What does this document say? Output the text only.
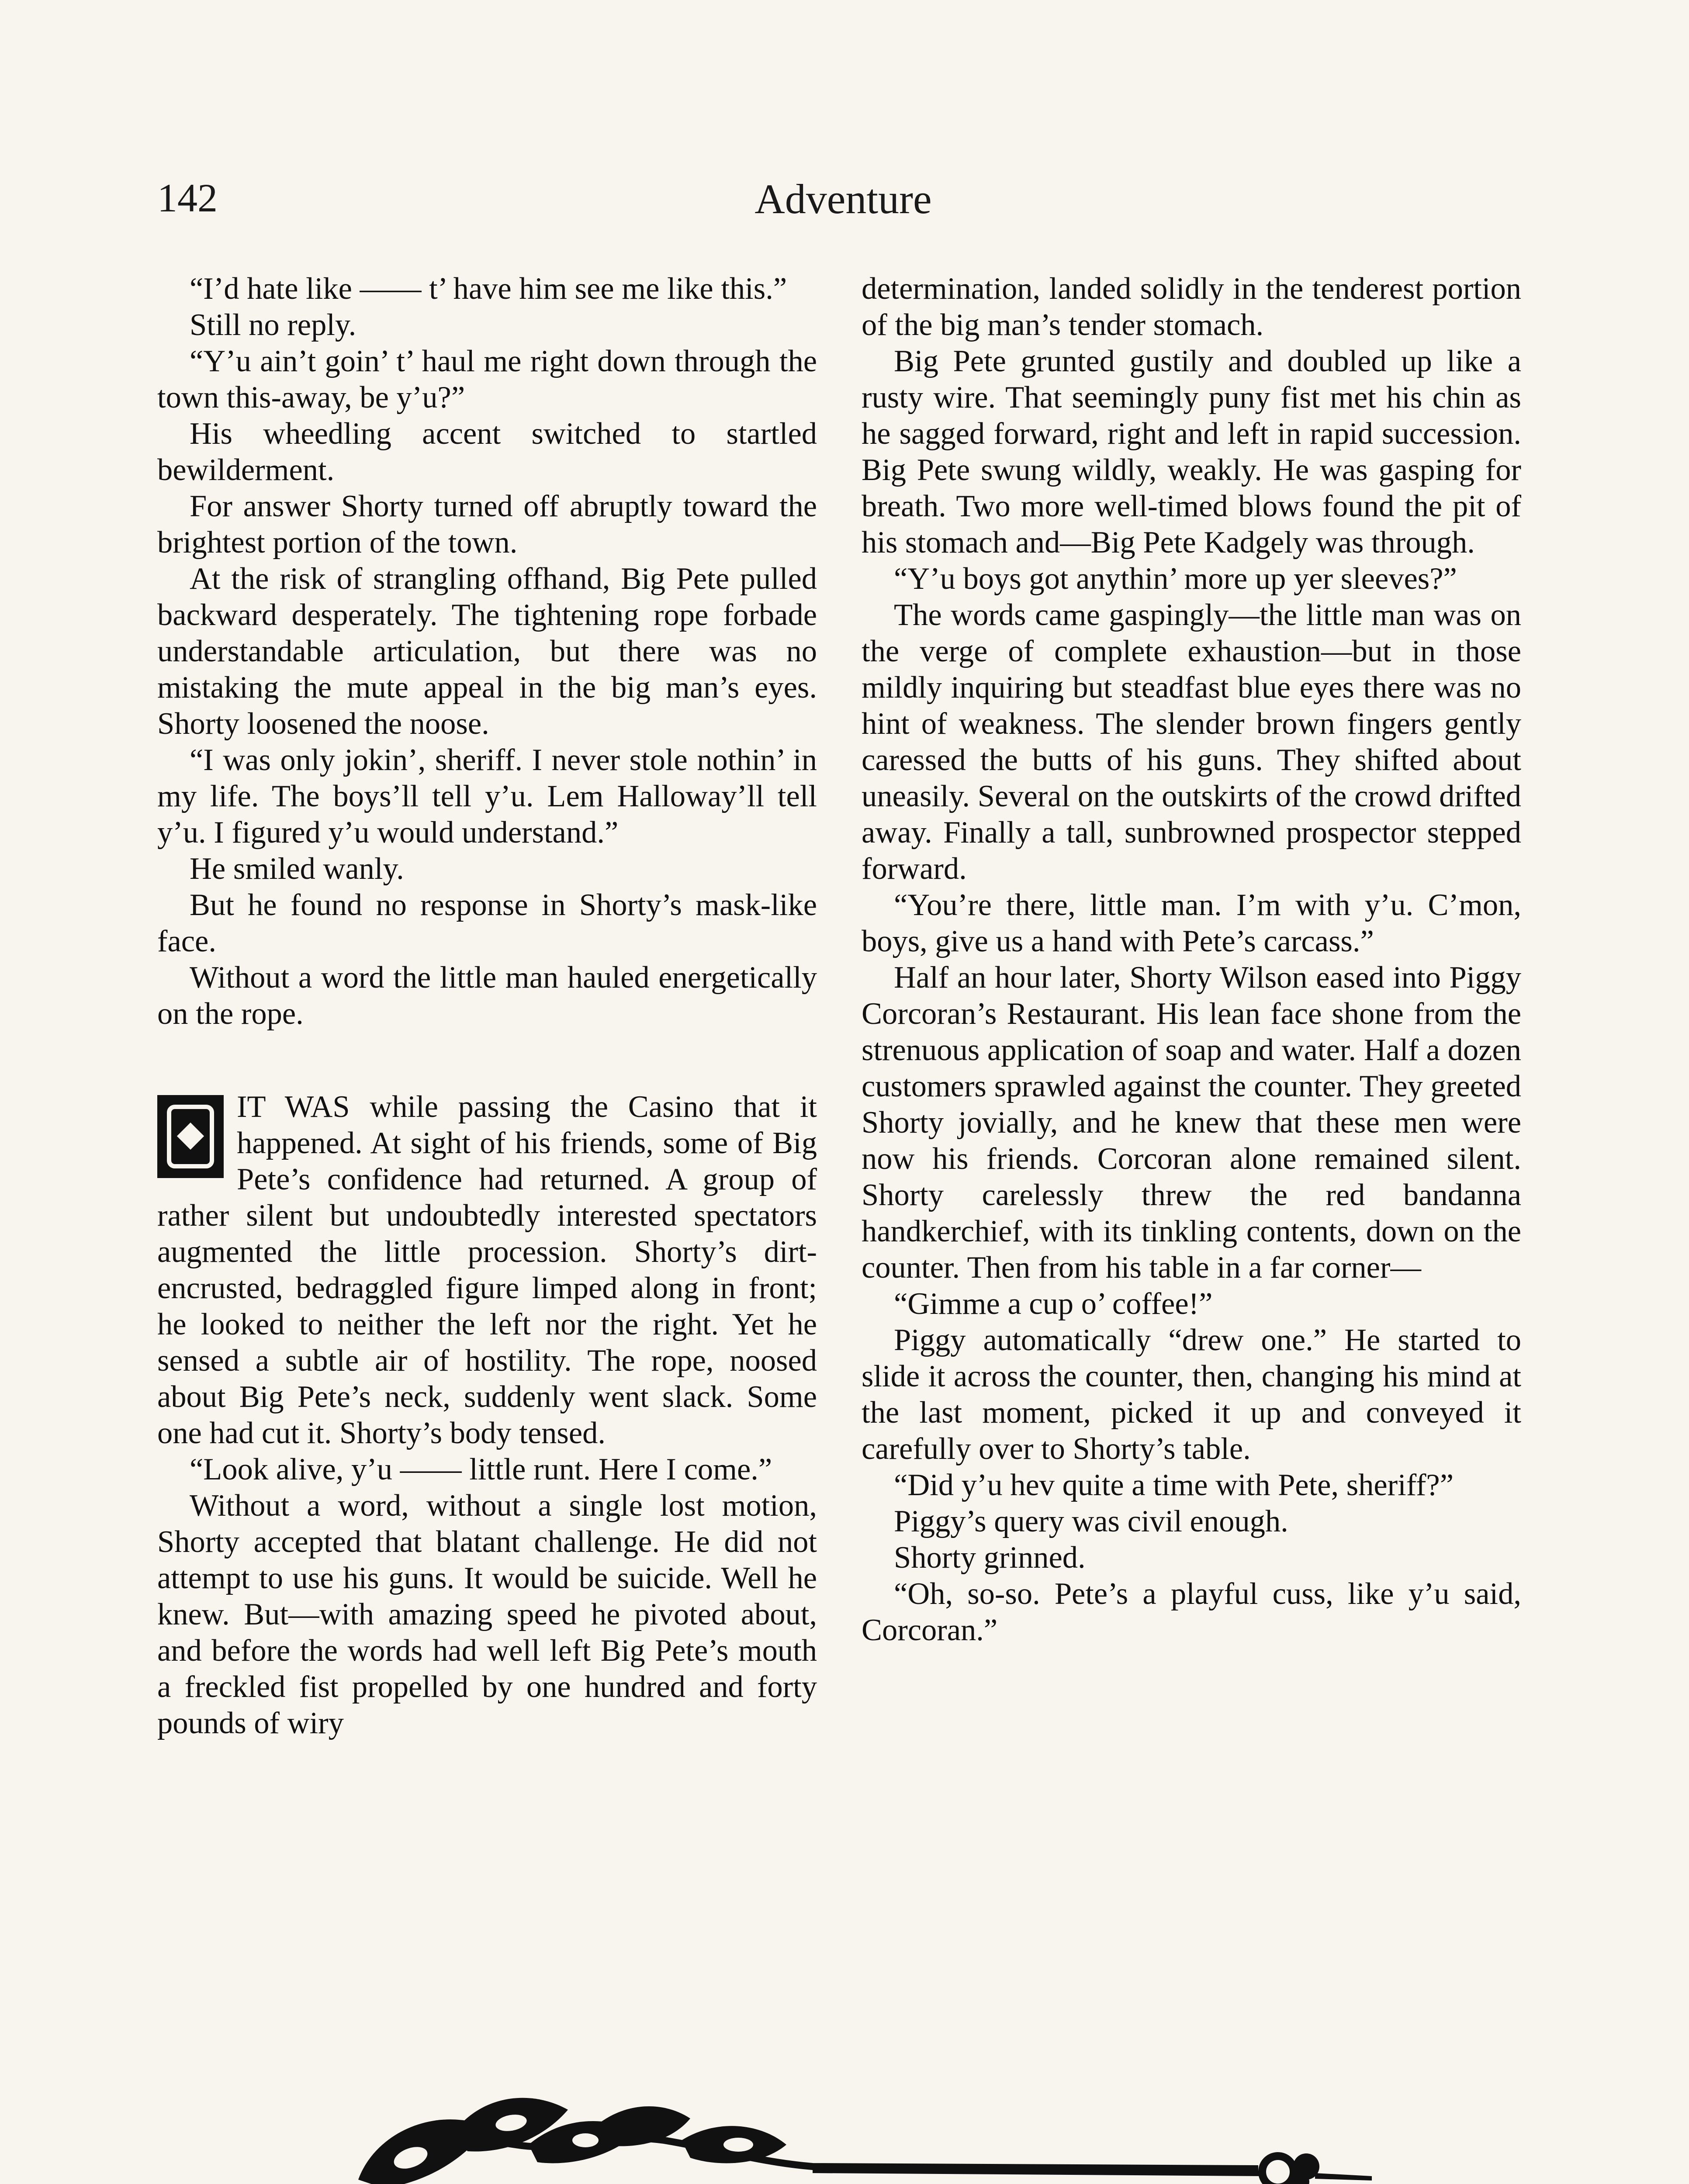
142	Adventure

“I’d hate like —— t’ have him see me like this.”

Still no reply.

“Y’u ain’t goin’ t’ haul me right down through the town this-away, be y’u?”

His wheedling accent switched to startled bewilderment.

For answer Shorty turned off abruptly toward the brightest portion of the town.

At the risk of strangling offhand, Big Pete pulled backward desperately. The tightening rope forbade understandable articulation, but there was no mistaking the mute appeal in the big man’s eyes. Shorty loosened the noose.

“I was only jokin’, sheriff. I never stole nothin’ in my life. The boys’ll tell y’u. Lem Halloway’ll tell y’u. I figured y’u would understand.”

He smiled wanly.

But he found no response in Shorty’s mask-like face.

Without a word the little man hauled energetically on the rope.

IT WAS while passing the Casino that it happened. At sight of his friends, some of Big Pete’s confidence had returned. A group of rather silent but undoubtedly interested spectators augmented the little procession. Shorty’s dirt-encrusted, bedraggled figure limped along in front; he looked to neither the left nor the right. Yet he sensed a subtle air of hostility. The rope, noosed about Big Pete’s neck, suddenly went slack. Some one had cut it. Shorty’s body tensed.

“Look alive, y’u —— little runt. Here I come.”

Without a word, without a single lost motion, Shorty accepted that blatant challenge. He did not attempt to use his guns. It would be suicide. Well he knew. But—with amazing speed he pivoted about, and before the words had well left Big Pete’s mouth a freckled fist propelled by one hundred and forty pounds of wiry

determination, landed solidly in the tenderest portion of the big man’s tender stomach.

Big Pete grunted gustily and doubled up like a rusty wire. That seemingly puny fist met his chin as he sagged forward, right and left in rapid succession. Big Pete swung wildly, weakly. He was gasping for breath. Two more well-timed blows found the pit of his stomach and—Big Pete Kadgely was through.

“Y’u boys got anythin’ more up yer sleeves?”

The words came gaspingly—the little man was on the verge of complete exhaustion—but in those mildly inquiring but steadfast blue eyes there was no hint of weakness. The slender brown fingers gently caressed the butts of his guns. They shifted about uneasily. Several on the outskirts of the crowd drifted away. Finally a tall, sunbrowned prospector stepped forward.

“You’re there, little man. I’m with y’u. C’mon, boys, give us a hand with Pete’s carcass.”

Half an hour later, Shorty Wilson eased into Piggy Corcoran’s Restaurant. His lean face shone from the strenuous application of soap and water. Half a dozen customers sprawled against the counter. They greeted Shorty jovially, and he knew that these men were now his friends. Corcoran alone remained silent. Shorty carelessly threw the red bandanna handkerchief, with its tinkling contents, down on the counter. Then from his table in a far corner—

“Gimme a cup o’ coffee!”

Piggy automatically “drew one.” He started to slide it across the counter, then, changing his mind at the last moment, picked it up and conveyed it carefully over to Shorty’s table.

“Did y’u hev quite a time with Pete, sheriff?”

Piggy’s query was civil enough.

Shorty grinned.

“Oh, so-so. Pete’s a playful cuss, like y’u said, Corcoran.”
